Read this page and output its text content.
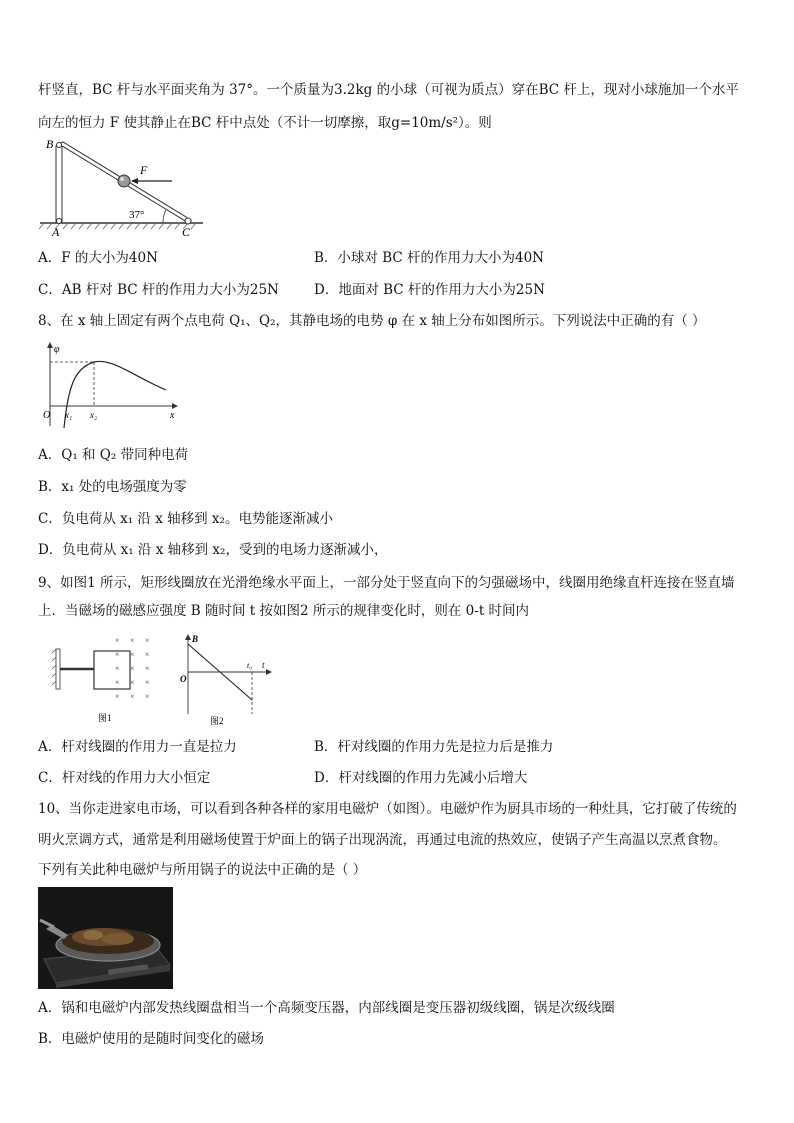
杆竖直，BC 杆与水平面夹角为 37°。一个质量为3.2kg 的小球（可视为质点）穿在BC 杆上，现对小球施加一个水平
向左的恒力 F 使其静止在BC 杆中点处（不计一切摩擦，取g=10m/s²）。则
B
A	C
F
37°
A．F 的大小为40N	B．小球对 BC 杆的作用力大小为40N
C．AB 杆对 BC 杆的作用力大小为25N	D．地面对 BC 杆的作用力大小为25N
8、在 x 轴上固定有两个点电荷 Q₁、Q₂，其静电场的电势 φ 在 x 轴上分布如图所示。下列说法中正确的有（ ）
φ
O x₁ x₂	x
A．Q₁ 和 Q₂ 带同种电荷
B．x₁ 处的电场强度为零
C．负电荷从 x₁ 沿 x 轴移到 x₂。电势能逐渐减小
D．负电荷从 x₁ 沿 x 轴移到 x₂，受到的电场力逐渐减小，
9、如图1 所示，矩形线圈放在光滑绝缘水平面上，一部分处于竖直向下的匀强磁场中，线圈用绝缘直杆连接在竖直墙
上．当磁场的磁感应强度 B 随时间 t 按如图2 所示的规律变化时，则在 0-t 时间内
× × ×
× × ×
× × ×
× × ×
× × ×
图1
B
O
t₀ t
图2
A．杆对线圈的作用力一直是拉力	B．杆对线圈的作用力先是拉力后是推力
C．杆对线的作用力大小恒定	D．杆对线圈的作用力先减小后增大
10、当你走进家电市场，可以看到各种各样的家用电磁炉（如图）。电磁炉作为厨具市场的一种灶具，它打破了传统的
明火烹调方式，通常是利用磁场使置于炉面上的锅子出现涡流，再通过电流的热效应，使锅子产生高温以烹煮食物。
下列有关此种电磁炉与所用锅子的说法中正确的是（ ）
A．锅和电磁炉内部发热线圈盘相当一个高频变压器，内部线圈是变压器初级线圈，锅是次级线圈
B．电磁炉使用的是随时间变化的磁场
